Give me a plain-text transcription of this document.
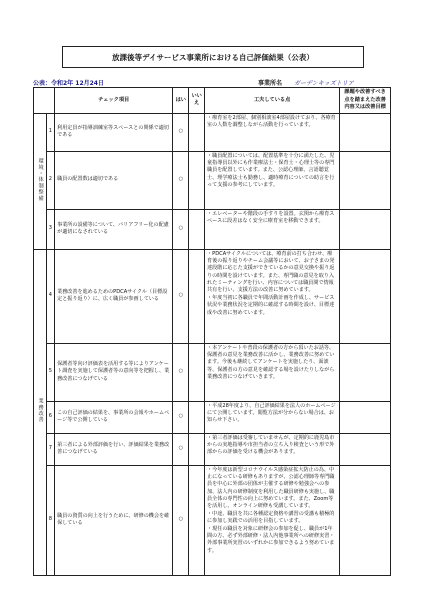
放課後等デイサービス事業所における自己評価結果（公表）
公表：令和2年 12月24日	事業所名 ガーデンキッズトリア
		チェック項目	はい	いいえ	工夫している点	課題や改善すべき点を踏まえた改善内容又は改善目標
環境・体制整備	1	利用定員が指導訓練室等スペースとの関係で適切である	○		・療育室を2部屋、個別相談室4部屋設けており、各療育室の人数を調整しながら活動を行っています。	
	2	職員の配置数は適切である	○		・職員配置については、配置基準を十分に満たした、児童指導員以外にも作業療法士・保育士・心理士等の専門職員を配置しています。また、公認心理師、言語聴覚士、理学療法士も勤務し、適時療育についての助言を行って支援の参考にしています。	
	3	事業所の設備等について、バリアフリー化の配慮が適切になされている	○		・エレベーターや階段の手すりを設置。玄関から療育スペースに段差はなく安全に療育室を移動できます。	
業務改善	4	業務改善を進めるためのPDCAサイクル（目標設定と振り返り）に、広く職員が参画している	○		・PDCAサイクルについては、療育前の打ち合わせ、療育後の振り返りやチーム会議等において、お子さまの発達段階に応じた支援ができているかの意見交換や振り返りの時間を設けています。また、専門職の意見を取り入れたミーティングを行い、内容については職員間で情報共有を行い、支援方法の改善に努めています。
・年度当初に各職員で年間活動計画を作成し、サービス状況や業務状況を定期的に確認する時間を設け、目標達成や改善に努めています。	
	5	保護者等向け評価表を活用する等によりアンケート調査を実施して保護者等の意向等を把握し、業務改善につなげている	○		・本アンケートや普段の保護者の方から頂いたお話等、保護者の意見を業務改善に活かし、業務改善に努めています。今後も継続してアンケートを実施したり、面談等、保護者の方の意見を確認する場を設けたりしながら業務改善につなげていきます。	
	6	この自己評価の結果を、事業所の会報やホームページ等で公開している	○		・平成28年度より、自己評価結果を法人のホームページにて公開しています。閲覧方法が分からない場合は、お知らせ下さい。	
	7	第三者による外部評価を行い、評価結果を業務改善につなげている	○		・第三者評価は受審していませんが、定期的に鹿児島市からの実地指導や市担当者の立ち入り検査という形で外部からの評価を受ける機会があります。	
	8	職員の資質の向上を行うために、研修の機会を確保している	○		・今年度は新型コロナウイルス感染症拡大防止の為、中止になっている研修もありますが、公認心理師等専門職員を中心に外部の団体が主催する研修や勉強会への参加、法人内の研修制度を利用した職員研修も実施し、職員全体の専門性の向上に努めています。また、Zoom等を活用し、オンライン研修も受講しています。
・中途、職員を共に各種認定資格や講習の受講も積極的に参加し実践での活用を目指しています。
・現任の職員を対象に研修会の参加を促し、職員が1年間の方、必ず外部研修・法人内他事業所への研修実習・外部事業所実習のいずれかに参加できるよう努めています。	
